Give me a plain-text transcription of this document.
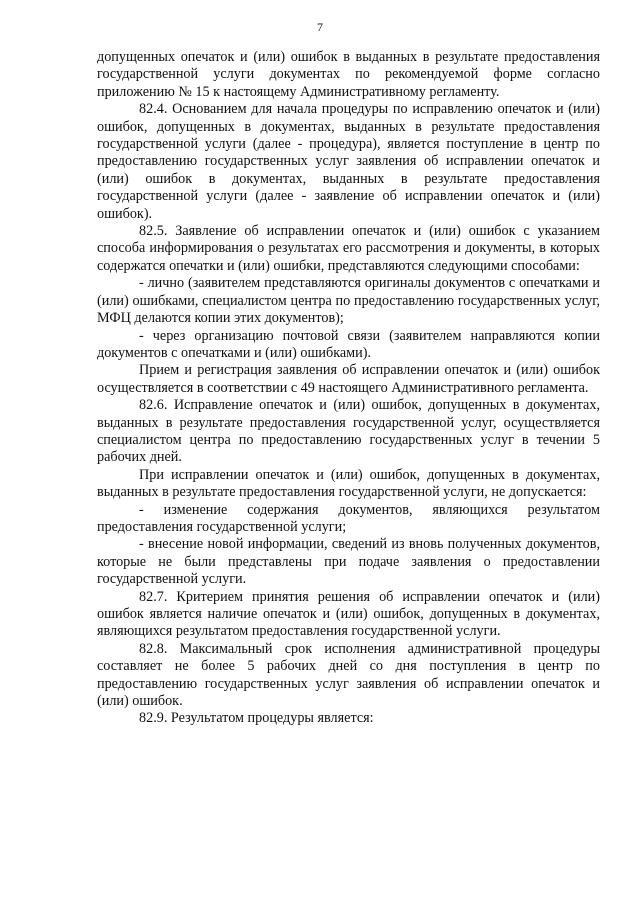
7

допущенных опечаток и (или) ошибок в выданных в результате предоставления государственной услуги документах по рекомендуемой форме согласно приложению № 15 к настоящему Административному регламенту.

82.4. Основанием для начала процедуры по исправлению опечаток и (или) ошибок, допущенных в документах, выданных в результате предоставления государственной услуги (далее - процедура), является поступление в центр по предоставлению государственных услуг заявления об исправлении опечаток и (или) ошибок в документах, выданных в результате предоставления государственной услуги (далее - заявление об исправлении опечаток и (или) ошибок).

82.5. Заявление об исправлении опечаток и (или) ошибок с указанием способа информирования о результатах его рассмотрения и документы, в которых содержатся опечатки и (или) ошибки, представляются следующими способами:

- лично (заявителем представляются оригиналы документов с опечатками и (или) ошибками, специалистом центра по предоставлению государственных услуг, МФЦ делаются копии этих документов);

- через организацию почтовой связи (заявителем направляются копии документов с опечатками и (или) ошибками).

Прием и регистрация заявления об исправлении опечаток и (или) ошибок осуществляется в соответствии с 49 настоящего Административного регламента.

82.6. Исправление опечаток и (или) ошибок, допущенных в документах, выданных в результате предоставления государственной услуг, осуществляется специалистом центра по предоставлению государственных услуг в течении 5 рабочих дней.

При исправлении опечаток и (или) ошибок, допущенных в документах, выданных в результате предоставления государственной услуги, не допускается:

- изменение содержания документов, являющихся результатом предоставления государственной услуги;

- внесение новой информации, сведений из вновь полученных документов, которые не были представлены при подаче заявления о предоставлении государственной услуги.

82.7. Критерием принятия решения об исправлении опечаток и (или) ошибок является наличие опечаток и (или) ошибок, допущенных в документах, являющихся результатом предоставления государственной услуги.

82.8. Максимальный срок исполнения административной процедуры составляет не более 5 рабочих дней со дня поступления в центр по предоставлению государственных услуг заявления об исправлении опечаток и (или) ошибок.

82.9. Результатом процедуры является:
